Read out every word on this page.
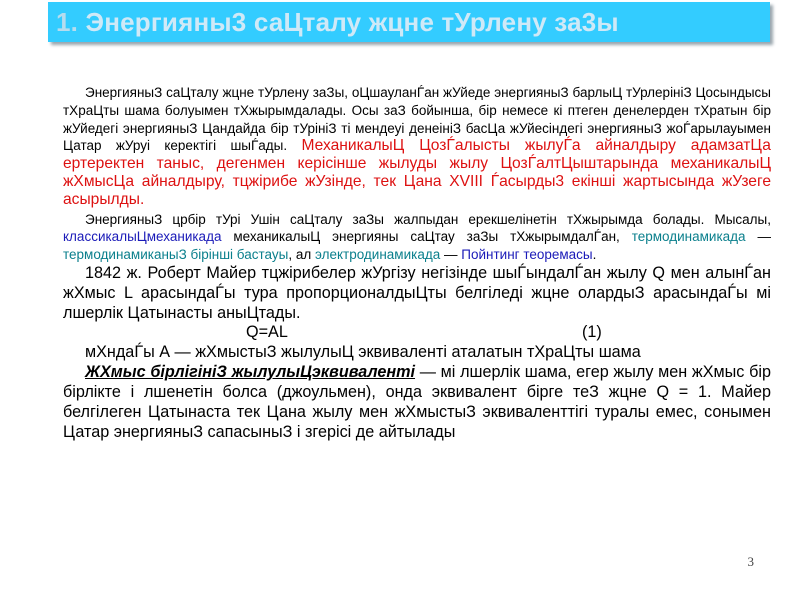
1. Энергияны3 саЦталу жцне тУрлену за3ы

ЭнергияныЗ саЦталу жцне тУрлену заЗы, оЦшауланЃан жУйеде энергияныЗ барлыЦ тУрлерініЗ Цосындысы тХраЦты шама болуымен тХжырымдалады. Осы заЗ бойынша, бір немесе кі птеген денелерден тХратын бір жУйедегі энергияныЗ Цандайда бір тУрініЗ ті мендеуі денеініЗ басЦа жУйесіндегі энергияныЗ жоЃарылауымен Цатар жУруі керектігі шыЃады. МеханикалыЦ ЦозЃалысты жылуЃа айналдыру адамзатЦа ертеректен таныс, дегенмен керісінше жылуды жылу ЦозЃалтЦыштарында механикалыЦ жХмысЦа айналдыру, тцжірибе жУзінде, тек Цана XVIII Ѓасырды3 екінші жартысында жУзеге асырылды.

ЭнергияныЗ црбір тУрі Ушін саЦталу заЗы жалпыдан ерекшелінетін тХжырымда болады. Мысалы, классикалыЦмеханикада механикалыЦ энергияны саЦтау заЗы тХжырымдалЃан, термодинамикада — термодинамиканыЗ бірінші бастауы, ал электродинамикада — Пойнтинг теоремасы.

1842 ж. Роберт Майер тцжірибелер жУргізу негізінде шыЃындалЃан жылу Q мен алынЃан жХмыс L арасындаЃы тура пропорционалдыЦты белгіледі жцне олардыЗ арасындаЃы мі лшерлік Цатынасты аныЦтады.

Q=AL	(1)

мХндаЃы А — жХмыстыЗ жылулыЦ эквиваленті аталатын тХраЦты шама

ЖХмыс бірлігініЗ жылулыЦэквиваленті — мі лшерлік шама, егер жылу мен жХмыс бір бірлікте і лшенетін болса (джоульмен), онда эквивалент бірге теЗ жцне Q = 1. Майер белгілеген Цатынаста тек Цана жылу мен жХмыстыЗ эквиваленттігі туралы емес, сонымен Цатар энергияныЗ сапасыныЗ і згерісі де айтылады

3
